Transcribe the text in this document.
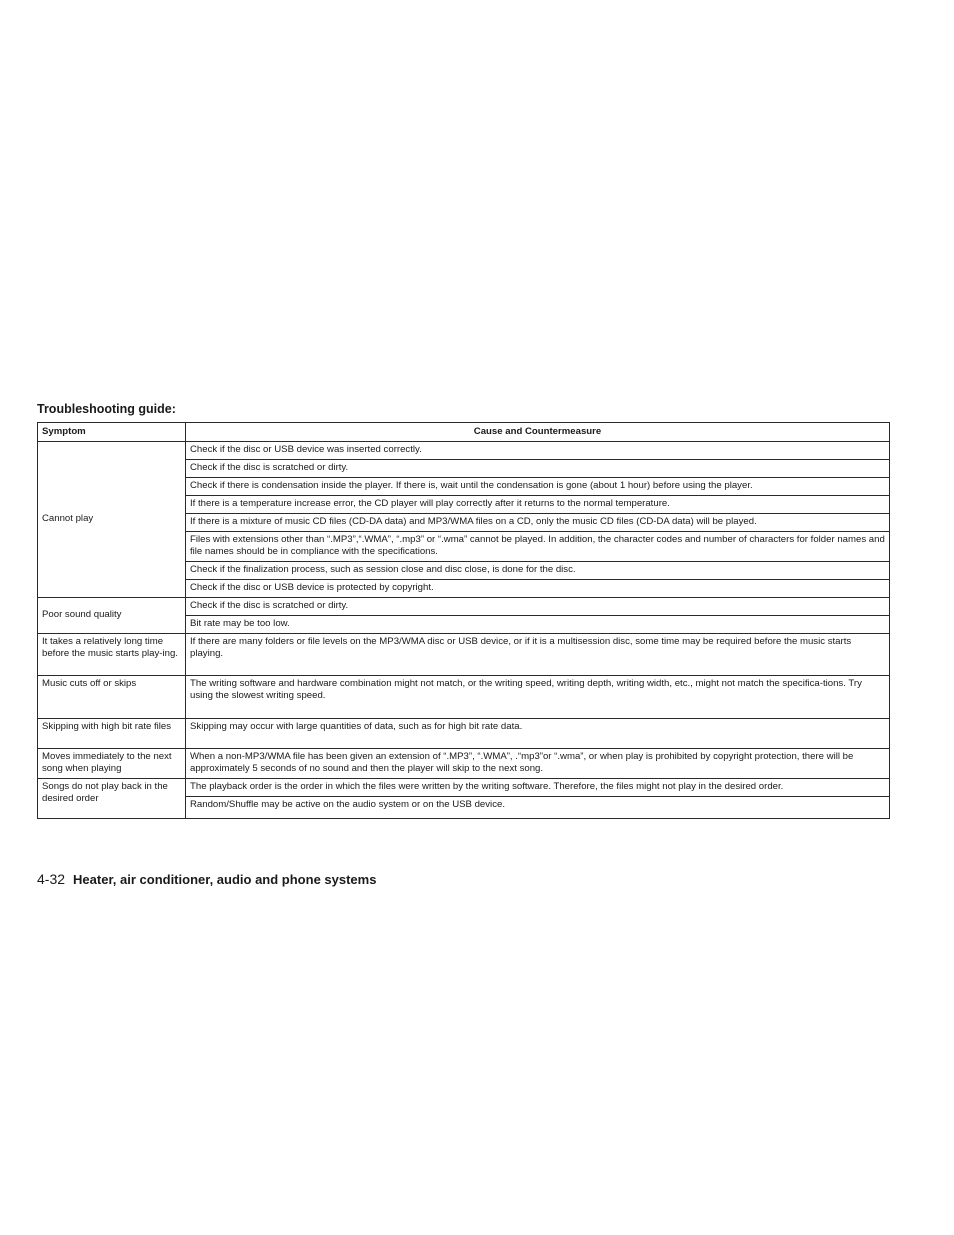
Troubleshooting guide:
Symptom	Cause and Countermeasure
Cannot play	Check if the disc or USB device was inserted correctly.
	Check if the disc is scratched or dirty.
	Check if there is condensation inside the player. If there is, wait until the condensation is gone (about 1 hour) before using the player.
	If there is a temperature increase error, the CD player will play correctly after it returns to the normal temperature.
	If there is a mixture of music CD files (CD-DA data) and MP3/WMA files on a CD, only the music CD files (CD-DA data) will be played.
	Files with extensions other than “.MP3”,“.WMA”, “.mp3” or “.wma” cannot be played. In addition, the character codes and number of characters for folder names and file names should be in compliance with the specifications.
	Check if the finalization process, such as session close and disc close, is done for the disc.
	Check if the disc or USB device is protected by copyright.
Poor sound quality	Check if the disc is scratched or dirty.
	Bit rate may be too low.
It takes a relatively long time before the music starts play-ing.	If there are many folders or file levels on the MP3/WMA disc or USB device, or if it is a multisession disc, some time may be required before the music starts playing.
Music cuts off or skips	The writing software and hardware combination might not match, or the writing speed, writing depth, writing width, etc., might not match the specifica-tions. Try using the slowest writing speed.
Skipping with high bit rate files	Skipping may occur with large quantities of data, such as for high bit rate data.
Moves immediately to the next song when playing	When a non-MP3/WMA file has been given an extension of “.MP3”, “.WMA”, .“mp3”or “.wma”, or when play is prohibited by copyright protection, there will be approximately 5 seconds of no sound and then the player will skip to the next song.
Songs do not play back in the desired order	The playback order is the order in which the files were written by the writing software. Therefore, the files might not play in the desired order.
	Random/Shuffle may be active on the audio system or on the USB device.

4-32 Heater, air conditioner, audio and phone systems
